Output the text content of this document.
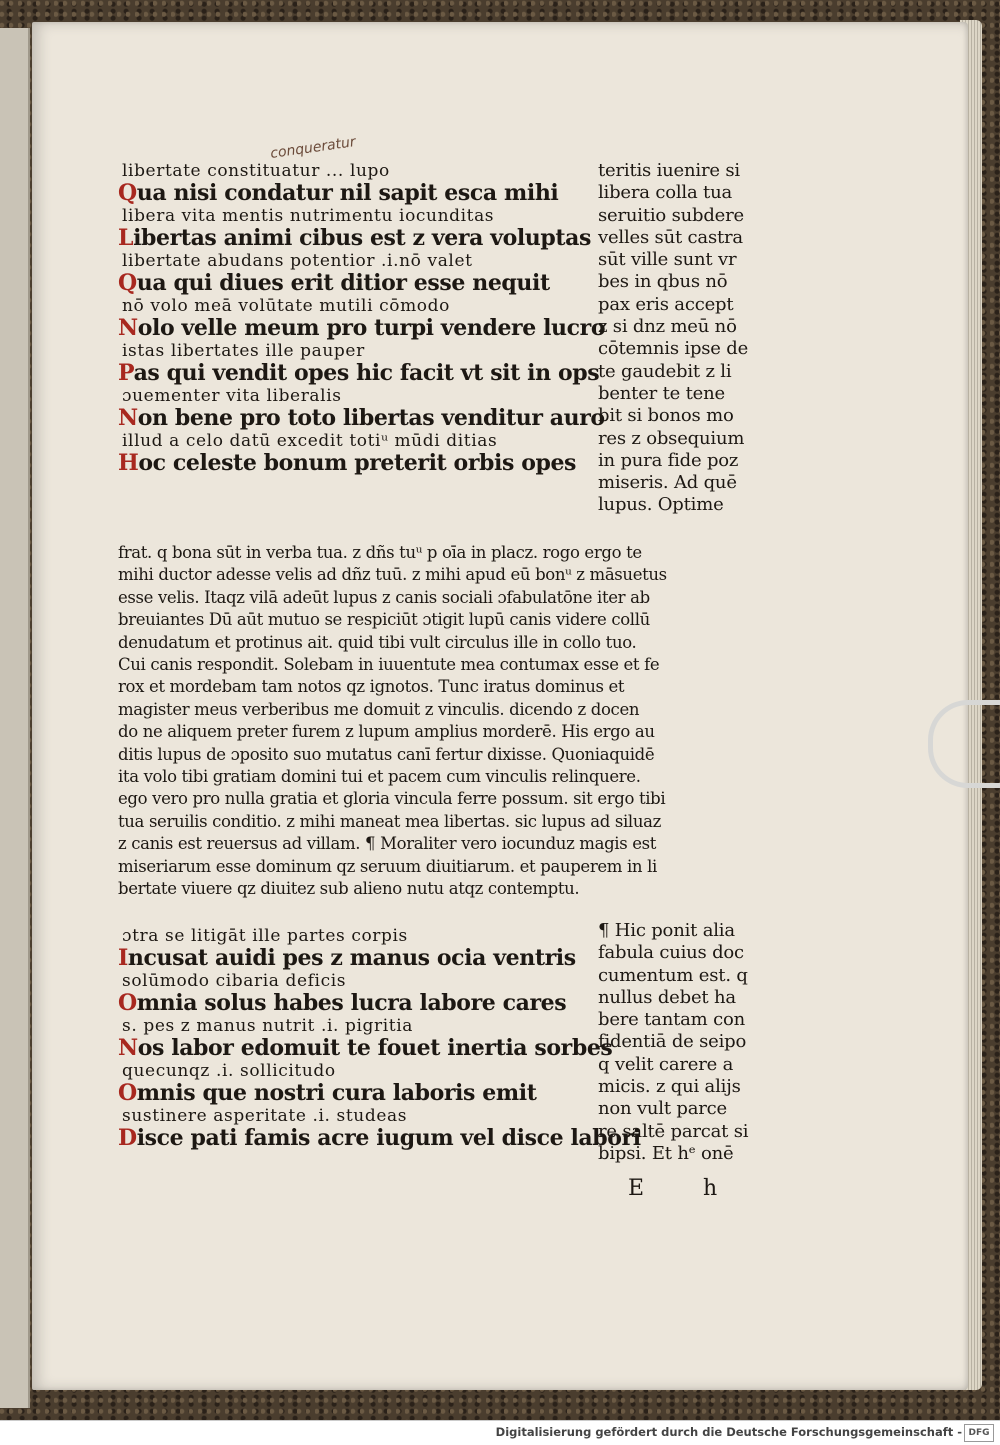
conqueratur
libertate constituatur ... lupo
Qua nisi condatur nil sapit esca mihi
libera vita mentis nutrimentu iocunditas
Libertas animi cibus est z vera voluptas
libertate abudans potentior .i.nō valet
Qua qui diues erit ditior esse nequit
nō volo meā volūtate mutili cōmodo
Nolo velle meum pro turpi vendere lucro
istas libertates ille pauper
Pas qui vendit opes hic facit vt sit in ops
ɔuementer vita liberalis
Non bene pro toto libertas venditur auro
illud a celo datū excedit totiᵘ mūdi ditias
Hoc celeste bonum preterit orbis opes
teritis iuenire si
libera colla tua
seruitio subdere
velles sūt castra
sūt ville sunt vr
bes in qbus nō
pax eris accept
z si dnz meū nō
cōtemnis ipse de
te gaudebit z li
benter te tene
bit si bonos mo
res z obsequium
in pura fide poz
miseris. Ad quē
lupus. Optime
frat. q bona sūt in verba tua. z dñs tuᵘ p oīa in placz. rogo ergo te
mihi ductor adesse velis ad dñz tuū. z mihi apud eū bonᵘ z māsuetus
esse velis. Itaqz vilā adeūt lupus z canis sociali ɔfabulatōne iter ab
breuiantes Dū aūt mutuo se respiciūt ɔtigit lupū canis videre collū
denudatum et protinus ait. quid tibi vult circulus ille in collo tuo.
Cui canis respondit. Solebam in iuuentute mea contumax esse et fe
rox et mordebam tam notos qz ignotos. Tunc iratus dominus et
magister meus verberibus me domuit z vinculis. dicendo z docen
do ne aliquem preter furem z lupum amplius morderē. His ergo au
ditis lupus de ɔposito suo mutatus canī fertur dixisse. Quoniaquidē
ita volo tibi gratiam domini tui et pacem cum vinculis relinquere.
ego vero pro nulla gratia et gloria vincula ferre possum. sit ergo tibi
tua seruilis conditio. z mihi maneat mea libertas. sic lupus ad siluaz
z canis est reuersus ad villam. ¶ Moraliter vero iocunduz magis est
miseriarum esse dominum qz seruum diuitiarum. et pauperem in li
bertate viuere qz diuitez sub alieno nutu atqz contemptu.
ɔtra se litigāt ille partes corpis
Incusat auidi pes z manus ocia ventris
solūmodo cibaria deficis
Omnia solus habes lucra labore cares
s. pes z manus nutrit .i. pigritia
Nos labor edomuit te fouet inertia sorbes
quecunqz .i. sollicitudo
Omnis que nostri cura laboris emit
sustinere asperitate .i. studeas
Disce pati famis acre iugum vel disce labori
¶ Hic ponit alia
fabula cuius doc
cumentum est. q
nullus debet ha
bere tantam con
fidentiā de seipo
q velit carere a
micis. z qui alijs
non vult parce
re saltē parcat si
bipsi. Et hᵉ onē
E h
Digitalisierung gefördert durch die Deutsche Forschungsgemeinschaft - DFG
